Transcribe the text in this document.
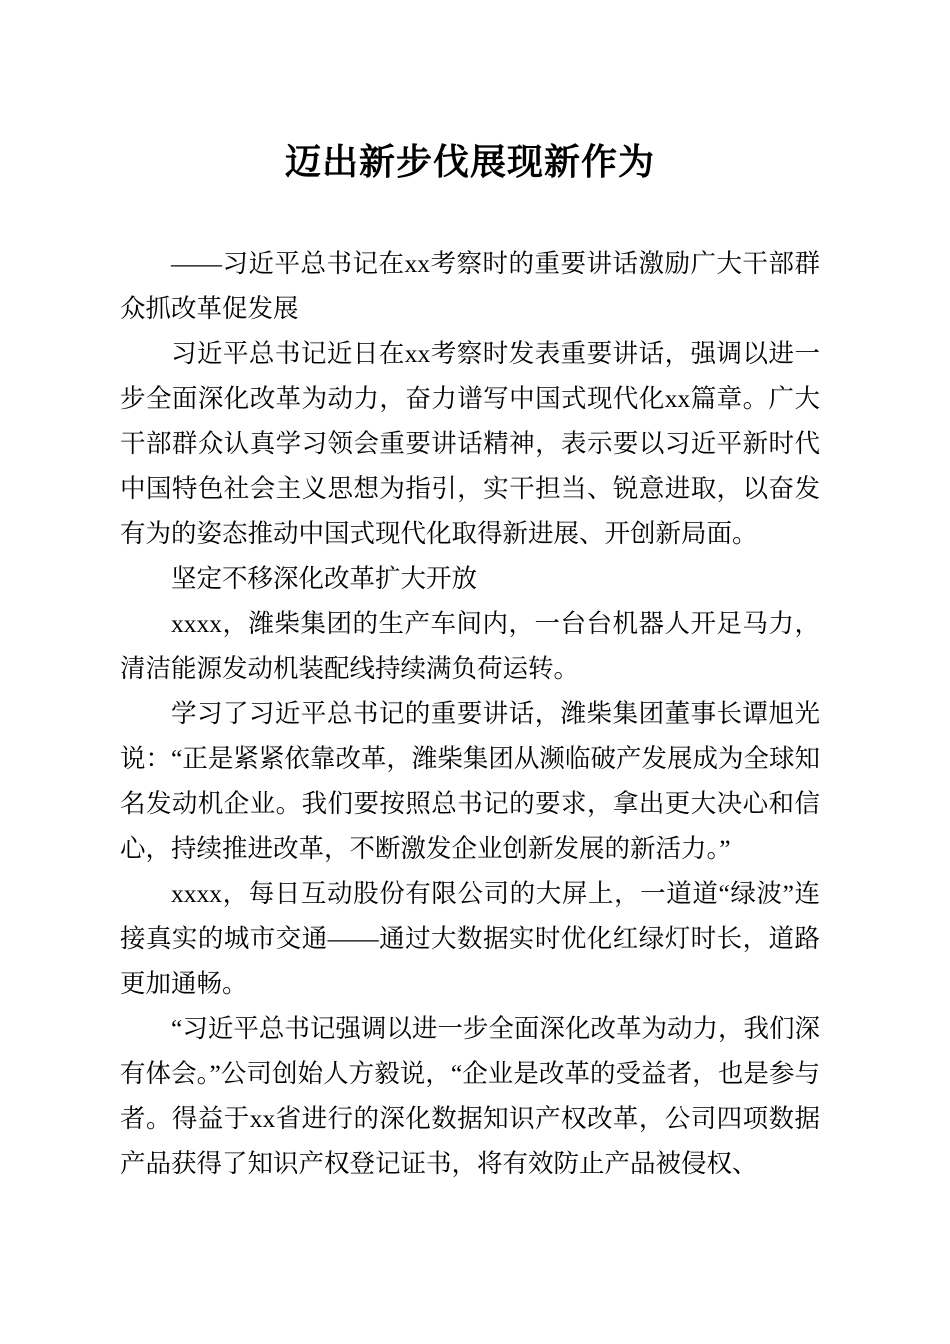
迈出新步伐展现新作为

——习近平总书记在xx考察时的重要讲话激励广大干部群众抓改革促发展

习近平总书记近日在xx考察时发表重要讲话，强调以进一步全面深化改革为动力，奋力谱写中国式现代化xx篇章。广大干部群众认真学习领会重要讲话精神，表示要以习近平新时代中国特色社会主义思想为指引，实干担当、锐意进取，以奋发有为的姿态推动中国式现代化取得新进展、开创新局面。

坚定不移深化改革扩大开放

xxxx，潍柴集团的生产车间内，一台台机器人开足马力，清洁能源发动机装配线持续满负荷运转。

学习了习近平总书记的重要讲话，潍柴集团董事长谭旭光说：“正是紧紧依靠改革，潍柴集团从濒临破产发展成为全球知名发动机企业。我们要按照总书记的要求，拿出更大决心和信心，持续推进改革，不断激发企业创新发展的新活力。”

xxxx，每日互动股份有限公司的大屏上，一道道“绿波”连接真实的城市交通——通过大数据实时优化红绿灯时长，道路更加通畅。

“习近平总书记强调以进一步全面深化改革为动力，我们深有体会。”公司创始人方毅说，“企业是改革的受益者，也是参与者。得益于xx省进行的深化数据知识产权改革，公司四项数据产品获得了知识产权登记证书，将有效防止产品被侵权、
